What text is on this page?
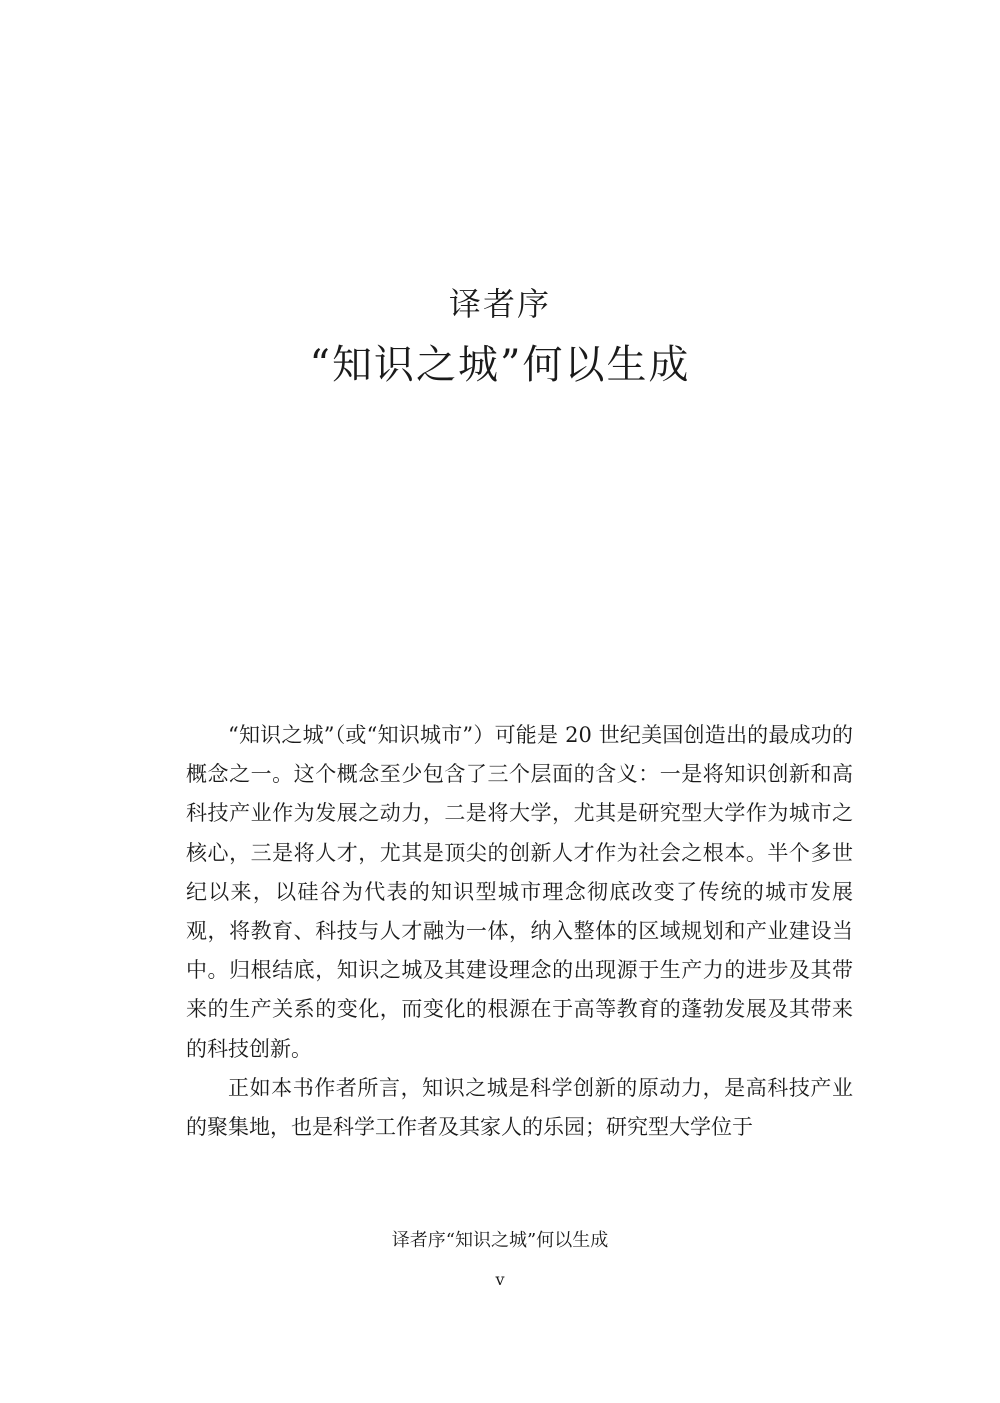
译者序
“知识之城”何以生成

“知识之城”（或“知识城市”）可能是 20 世纪美国创造出的最成功的概念之一。这个概念至少包含了三个层面的含义：一是将知识创新和高科技产业作为发展之动力，二是将大学，尤其是研究型大学作为城市之核心，三是将人才，尤其是顶尖的创新人才作为社会之根本。半个多世纪以来，以硅谷为代表的知识型城市理念彻底改变了传统的城市发展观，将教育、科技与人才融为一体，纳入整体的区域规划和产业建设当中。归根结底，知识之城及其建设理念的出现源于生产力的进步及其带来的生产关系的变化，而变化的根源在于高等教育的蓬勃发展及其带来的科技创新。

正如本书作者所言，知识之城是科学创新的原动力，是高科技产业的聚集地，也是科学工作者及其家人的乐园；研究型大学位于

译者序“知识之城”何以生成
v
